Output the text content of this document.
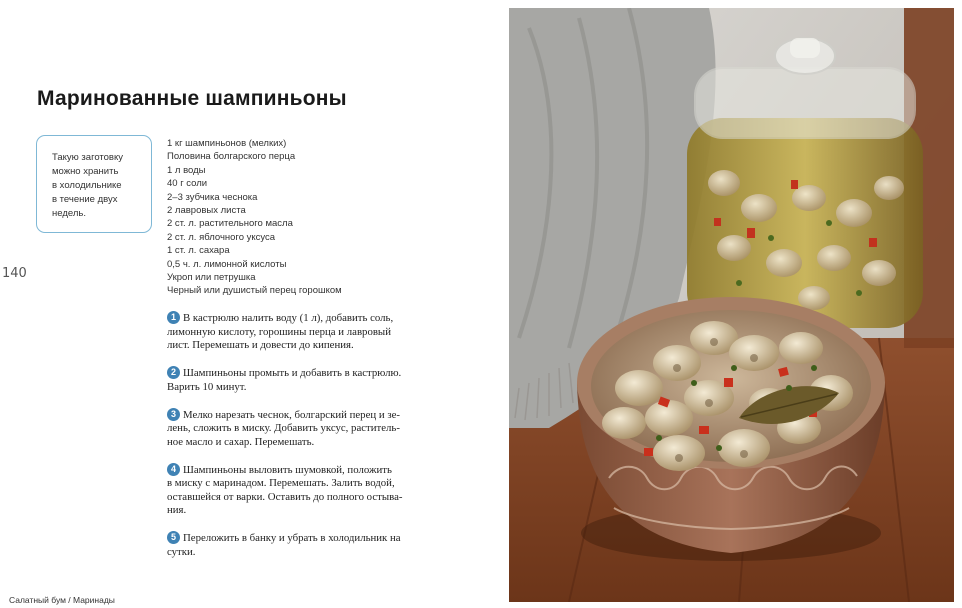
Маринованные шампиньоны
Такую заготовку
можно хранить
в холодильнике
в течение двух
недель.
140
1 кг шампиньонов (мелких)
Половина болгарского перца
1 л воды
40 г соли
2–3 зубчика чеснока
2 лавровых листа
2 ст. л. растительного масла
2 ст. л. яблочного уксуса
1 ст. л. сахара
0,5 ч. л. лимонной кислоты
Укроп или петрушка
Черный или душистый перец горошком
1 В кастрюлю налить воду (1 л), добавить соль,
лимонную кислоту, горошины перца и лавровый
лист. Перемешать и довести до кипения.
2 Шампиньоны промыть и добавить в кастрюлю.
Варить 10 минут.
3 Мелко нарезать чеснок, болгарский перец и зе-
лень, сложить в миску. Добавить уксус, раститель-
ное масло и сахар. Перемешать.
4 Шампиньоны выловить шумовкой, положить
в миску с маринадом. Перемешать. Залить водой,
оставшейся от варки. Оставить до полного остыва-
ния.
5 Переложить в банку и убрать в холодильник на
сутки.
Салатный бум / Маринады
